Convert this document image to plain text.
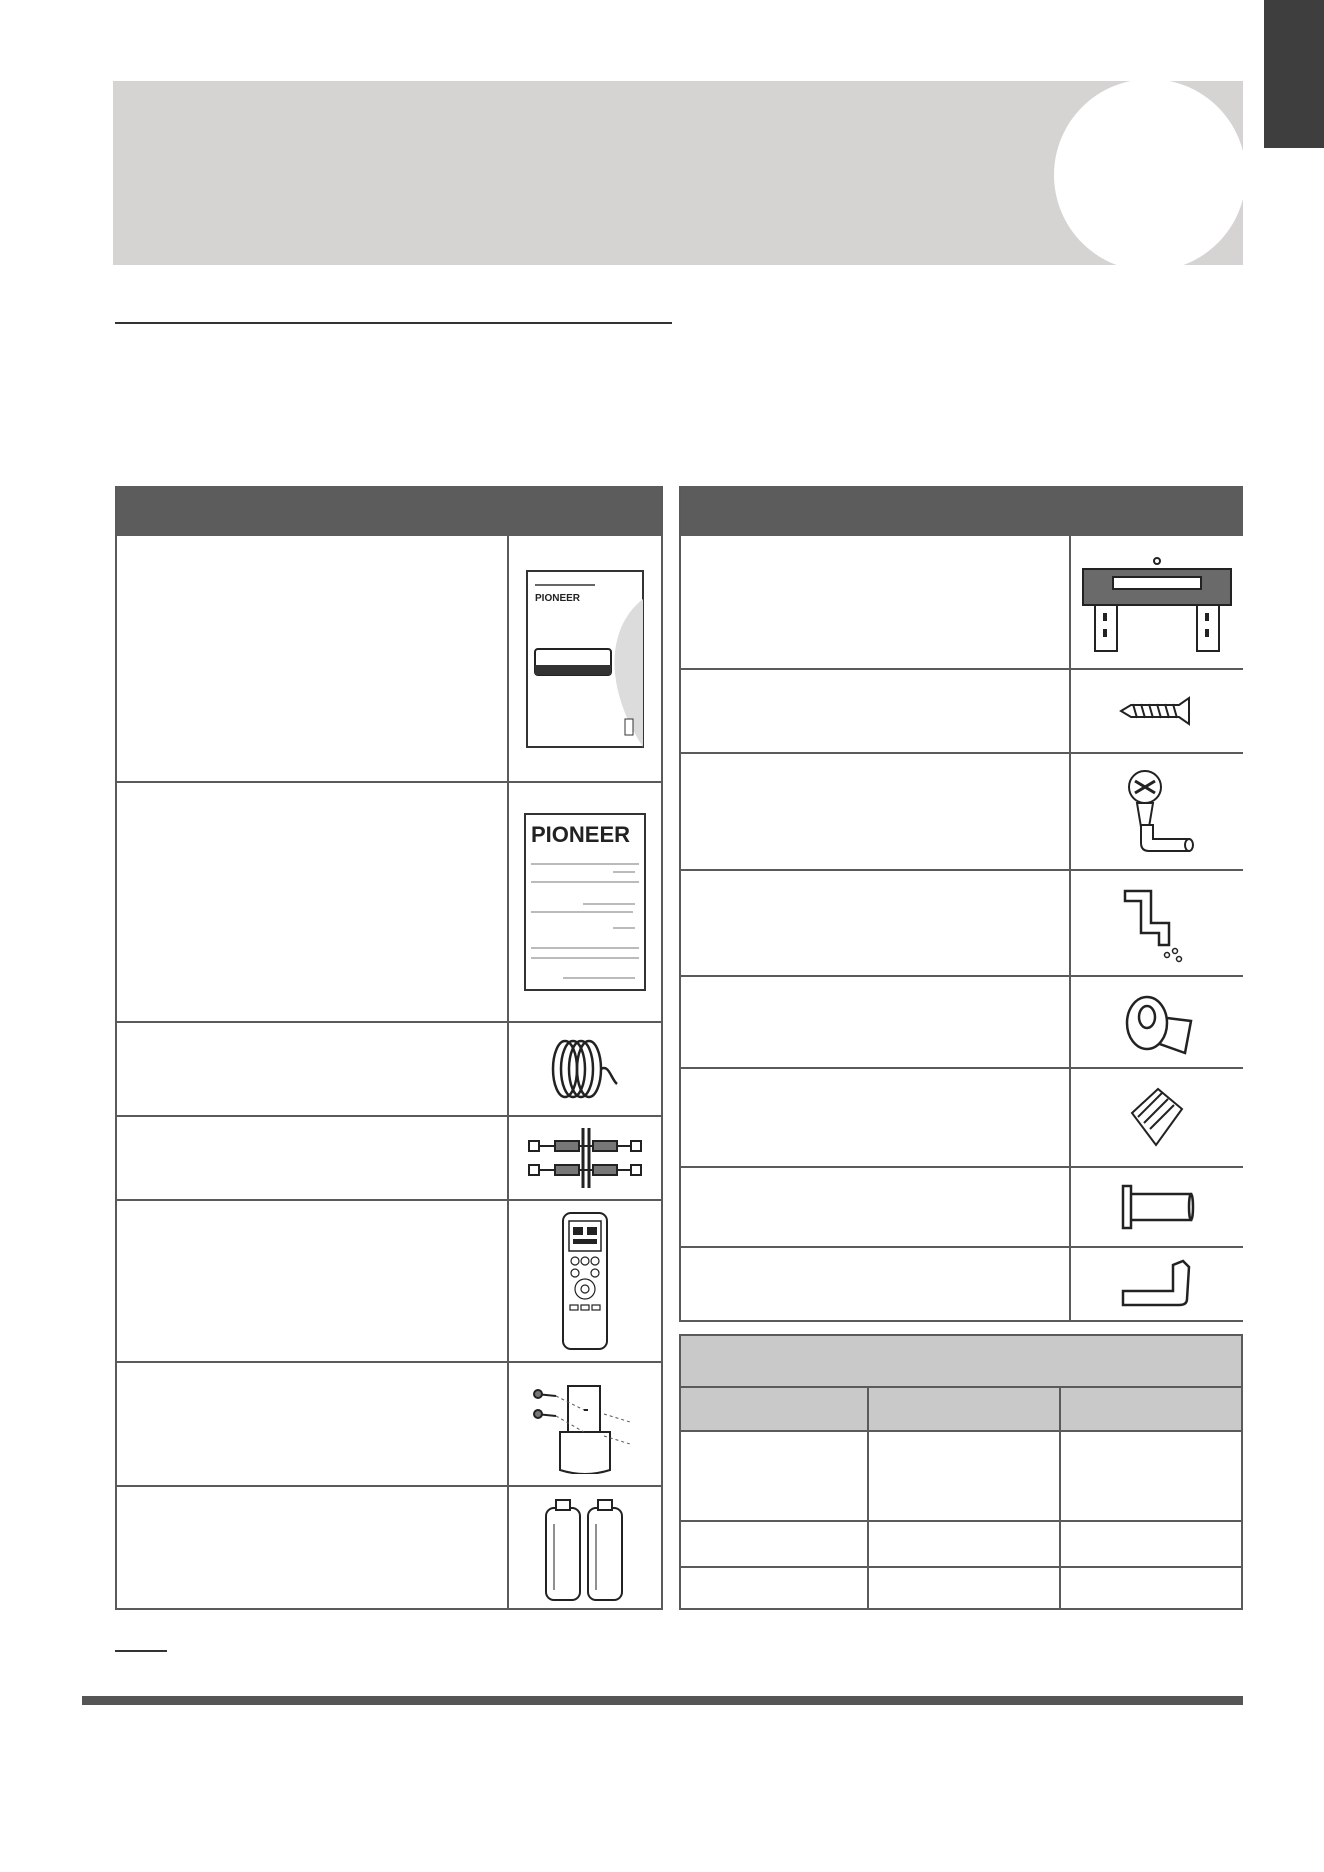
PIONEER
PIONEER
